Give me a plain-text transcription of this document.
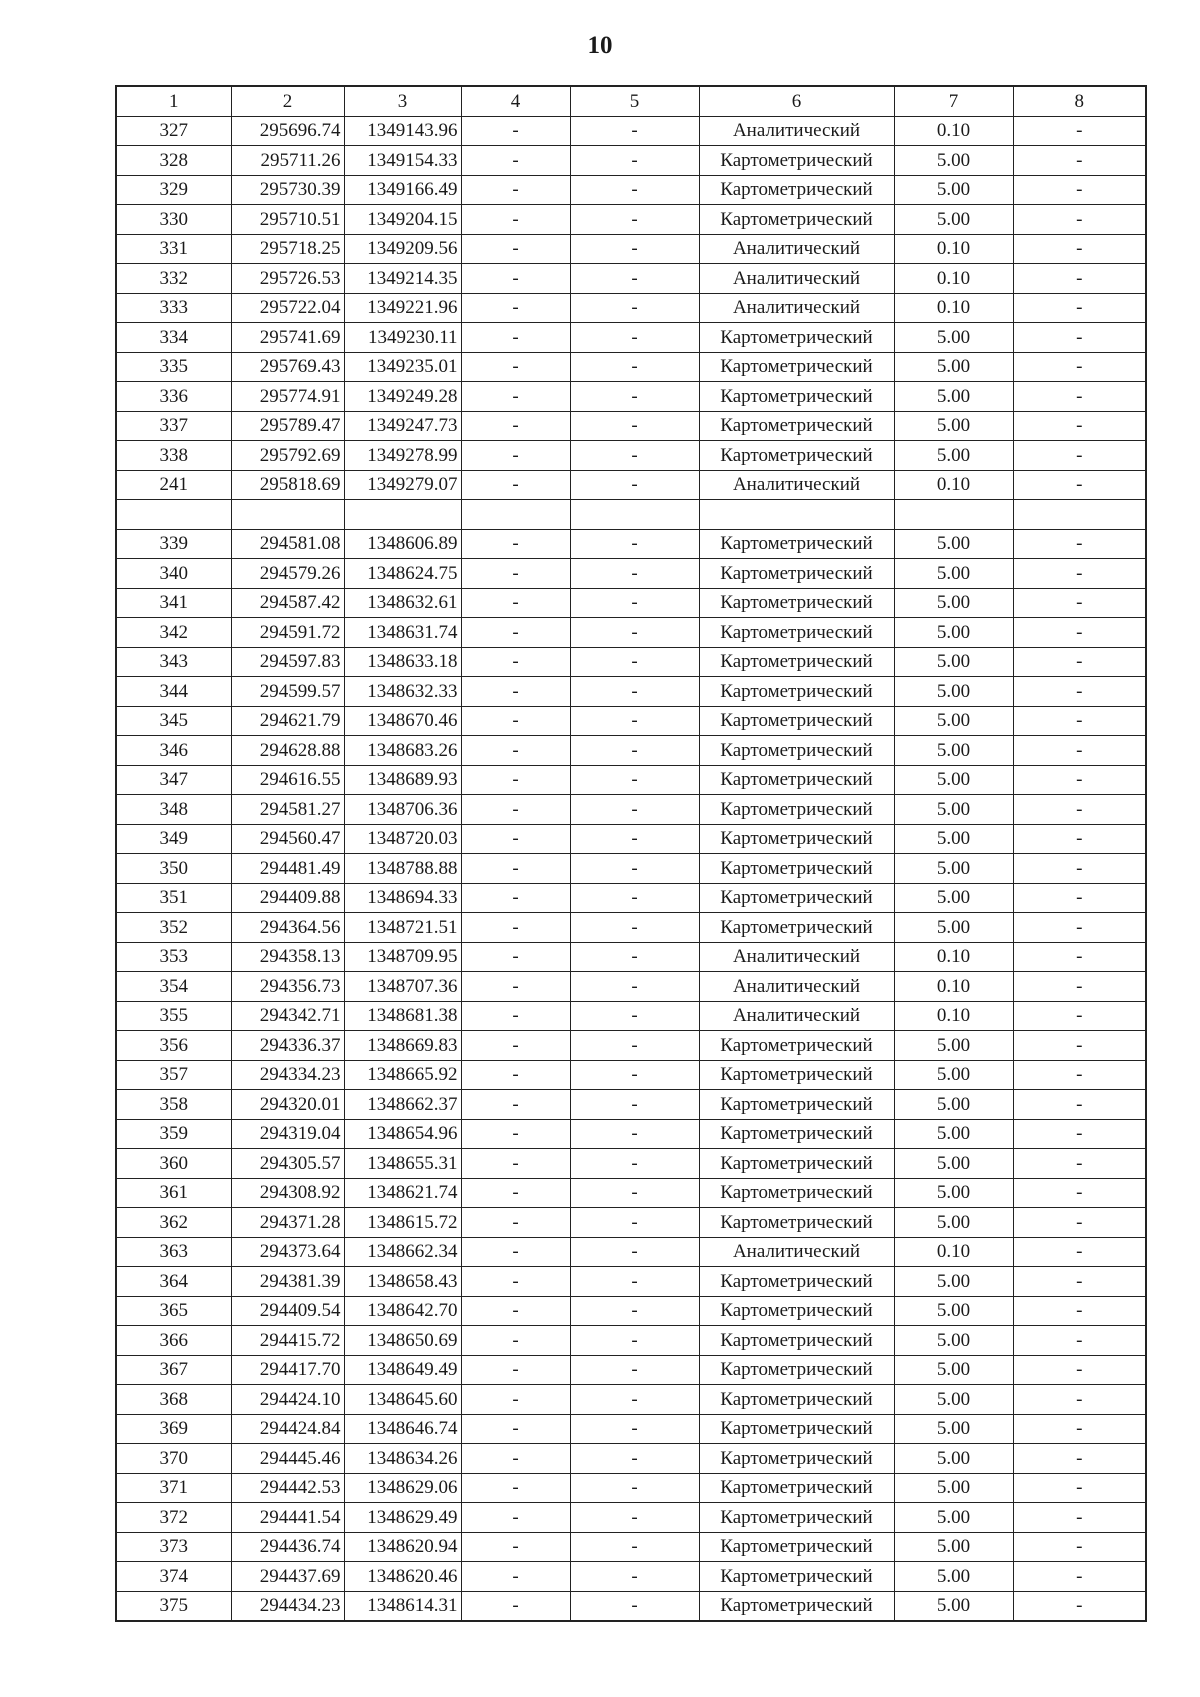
10
1	2	3	4	5	6	7	8
327	295696.74	1349143.96	-	-	Аналитический	0.10	-
328	295711.26	1349154.33	-	-	Картометрический	5.00	-
329	295730.39	1349166.49	-	-	Картометрический	5.00	-
330	295710.51	1349204.15	-	-	Картометрический	5.00	-
331	295718.25	1349209.56	-	-	Аналитический	0.10	-
332	295726.53	1349214.35	-	-	Аналитический	0.10	-
333	295722.04	1349221.96	-	-	Аналитический	0.10	-
334	295741.69	1349230.11	-	-	Картометрический	5.00	-
335	295769.43	1349235.01	-	-	Картометрический	5.00	-
336	295774.91	1349249.28	-	-	Картометрический	5.00	-
337	295789.47	1349247.73	-	-	Картометрический	5.00	-
338	295792.69	1349278.99	-	-	Картометрический	5.00	-
241	295818.69	1349279.07	-	-	Аналитический	0.10	-

339	294581.08	1348606.89	-	-	Картометрический	5.00	-
340	294579.26	1348624.75	-	-	Картометрический	5.00	-
341	294587.42	1348632.61	-	-	Картометрический	5.00	-
342	294591.72	1348631.74	-	-	Картометрический	5.00	-
343	294597.83	1348633.18	-	-	Картометрический	5.00	-
344	294599.57	1348632.33	-	-	Картометрический	5.00	-
345	294621.79	1348670.46	-	-	Картометрический	5.00	-
346	294628.88	1348683.26	-	-	Картометрический	5.00	-
347	294616.55	1348689.93	-	-	Картометрический	5.00	-
348	294581.27	1348706.36	-	-	Картометрический	5.00	-
349	294560.47	1348720.03	-	-	Картометрический	5.00	-
350	294481.49	1348788.88	-	-	Картометрический	5.00	-
351	294409.88	1348694.33	-	-	Картометрический	5.00	-
352	294364.56	1348721.51	-	-	Картометрический	5.00	-
353	294358.13	1348709.95	-	-	Аналитический	0.10	-
354	294356.73	1348707.36	-	-	Аналитический	0.10	-
355	294342.71	1348681.38	-	-	Аналитический	0.10	-
356	294336.37	1348669.83	-	-	Картометрический	5.00	-
357	294334.23	1348665.92	-	-	Картометрический	5.00	-
358	294320.01	1348662.37	-	-	Картометрический	5.00	-
359	294319.04	1348654.96	-	-	Картометрический	5.00	-
360	294305.57	1348655.31	-	-	Картометрический	5.00	-
361	294308.92	1348621.74	-	-	Картометрический	5.00	-
362	294371.28	1348615.72	-	-	Картометрический	5.00	-
363	294373.64	1348662.34	-	-	Аналитический	0.10	-
364	294381.39	1348658.43	-	-	Картометрический	5.00	-
365	294409.54	1348642.70	-	-	Картометрический	5.00	-
366	294415.72	1348650.69	-	-	Картометрический	5.00	-
367	294417.70	1348649.49	-	-	Картометрический	5.00	-
368	294424.10	1348645.60	-	-	Картометрический	5.00	-
369	294424.84	1348646.74	-	-	Картометрический	5.00	-
370	294445.46	1348634.26	-	-	Картометрический	5.00	-
371	294442.53	1348629.06	-	-	Картометрический	5.00	-
372	294441.54	1348629.49	-	-	Картометрический	5.00	-
373	294436.74	1348620.94	-	-	Картометрический	5.00	-
374	294437.69	1348620.46	-	-	Картометрический	5.00	-
375	294434.23	1348614.31	-	-	Картометрический	5.00	-
